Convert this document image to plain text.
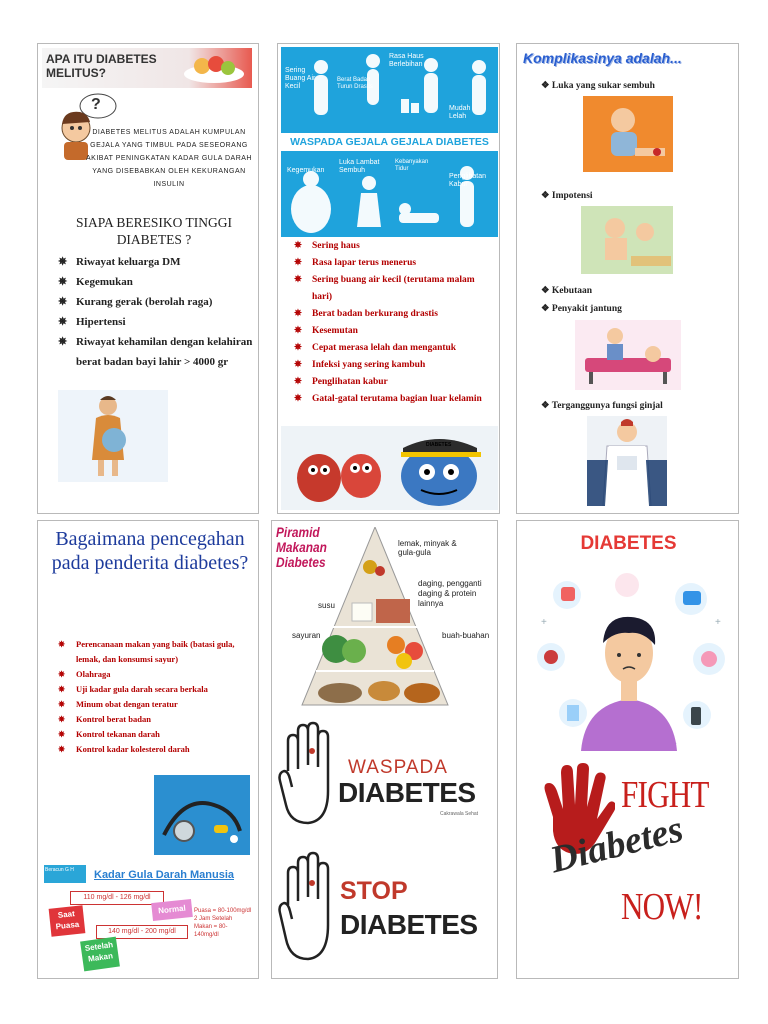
APA ITU DIABETES MELITUS?
?
DIABETES MELITUS ADALAH KUMPULAN GEJALA YANG TIMBUL PADA SESEORANG AKIBAT PENINGKATAN KADAR GULA DARAH YANG DISEBABKAN OLEH KEKURANGAN INSULIN
SIAPA BERESIKO TINGGI DIABETES ?
✵ Riwayat keluarga DM
✵ Kegemukan
✵ Kurang gerak (berolah raga)
✵ Hipertensi
✵ Riwayat kehamilan dengan kelahiran berat badan bayi lahir > 4000 gr
Sering Buang Air Kecil
Berat Badan Turun Drastis
Rasa Haus Berlebihan
Mudah Lelah
WASPADA GEJALA GEJALA DIABETES
Kegemukan
Luka Lambat Sembuh
Kebanyakan Tidur
Penglihatan Kabur
✵ Sering haus
✵ Rasa lapar terus menerus
✵ Sering buang air kecil (terutama malam hari)
✵ Berat badan berkurang drastis
✵ Kesemutan
✵ Cepat merasa lelah dan mengantuk
✵ Infeksi yang sering kambuh
✵ Penglihatan kabur
✵ Gatal-gatal terutama bagian luar kelamin
DIABETES
Komplikasinya adalah...
❖ Luka yang sukar sembuh
❖ Impotensi
❖ Kebutaan
❖ Penyakit jantung
❖ Terganggunya fungsi ginjal
Bagaimana pencegahan pada penderita diabetes?
✵ Perencanaan makan yang baik (batasi gula, lemak, dan konsumsi sayur)
✵ Olahraga
✵ Uji kadar gula darah secara berkala
✵ Minum obat dengan teratur
✵ Kontrol berat badan
✵ Kontrol tekanan darah
✵ Kontrol kadar kolesterol darah
Beracun G H	Kadar Gula Darah Manusia
110 mg/dl - 126 mg/dl
Saat Puasa
140 mg/dl - 200 mg/dl
Setelah Makan
Normal	Puasa = 80-100mg/dl 2 Jam Setelah Makan = 80-140mg/dl
Piramid Makanan Diabetes
lemak, minyak & gula-gula
daging, pengganti daging & protein lainnya
susu
sayuran	buah-buahan
WASPADA
DIABETES
Cakrawala Sehat
STOP
DIABETES
DIABETES
+	+
FIGHT
Diabetes
NOW!
